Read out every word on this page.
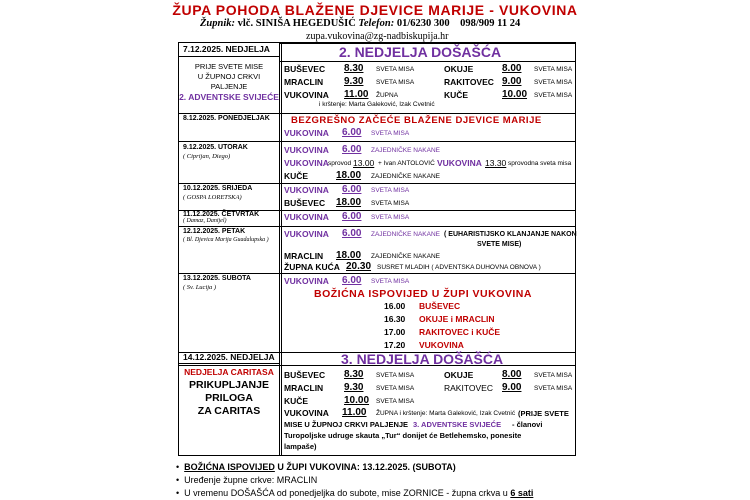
ŽUPA POHODA BLAŽENE DJEVICE MARIJE - VUKOVINA
Župnik: vlč. SINIŠA HEGEDUŠIĆ Telefon: 01/6230 300 098/909 11 24
zupa.vukovina@zg-nadbiskupija.hr
7.12.2025. NEDJELJA	2. NEDJELJA DOŠAŠĆA
PRIJE SVETE MISE
U ŽUPNOJ CRKVI
PALJENJE
2. ADVENTSKE SVIJEĆE
BUŠEVEC 8.30 SVETA MISA	OKUJE	8.00 SVETA MISA
MRACLIN 9.30 SVETA MISA	RAKITOVEC 9.00 SVETA MISA
VUKOVINA 11.00 ŽUPNA	KUČE	10.00 SVETA MISA
i krštenje: Marta Galeković, Izak Cvetnić
8.12.2025. PONEDJELJAK BEZGREŠNO ZAČEĆE BLAŽENE DJEVICE MARIJE
VUKOVINA 6.00 SVETA MISA
9.12.2025. UTORAK
( Ciprijan, Diego)
VUKOVINA 6.00 ZAJEDNIČKE NAKANE
VUKOVINA sprovod 13.00 + Ivan ANTOLOVIĆ VUKOVINA 13.30 sprovodna sveta misa
KUČE	18.00 ZAJEDNIČKE NAKANE
10.12.2025. SRIJEDA
( GOSPA LORETSKA)
VUKOVINA 6.00 SVETA MISA
BUŠEVEC 18.00 SVETA MISA
11.12.2025. ČETVRTAK
( Damaz, Danijel)	VUKOVINA 6.00 SVETA MISA
12.12.2025. PETAK
( Bl. Djevica Marija Guadalupska )
VUKOVINA 6.00 ZAJEDNIČKE NAKANE ( EUHARISTIJSKO KLANJANJE NAKON
SVETE MISE)
MRACLIN 18.00 ZAJEDNIČKE NAKANE
ŽUPNA KUĆA 20.30 SUSRET MLADIH ( ADVENTSKA DUHOVNA OBNOVA )
13.12.2025. SUBOTA
( Sv. Lucija )
VUKOVINA 6.00 SVETA MISA
BOŽIĆNA ISPOVIJED U ŽUPI VUKOVINA
16.00 BUŠEVEC
16.30 OKUJE i MRACLIN
17.00 RAKITOVEC i KUČE
17.20 VUKOVINA
14.12.2025. NEDJELJA	3. NEDJELJA DOŠAŠĆA
NEDJELJA CARITASA
PRIKUPLJANJE
PRILOGA
ZA CARITAS
BUŠEVEC 8.30 SVETA MISA	OKUJE	8.00 SVETA MISA
MRACLIN 9.30 SVETA MISA	RAKITOVEC 9.00 SVETA MISA
KUČE	10.00 SVETA MISA
VUKOVINA 11.00 ŽUPNA i krštenje: Marta Galeković, Izak Cvetnić (PRIJE SVETE
MISE U ŽUPNOJ CRKVI PALJENJE 3. ADVENTSKE SVIJEĆE - članovi
Turopoljske udruge skauta „Tur“ donijet će Betlehemsko, ponesite
lampaše)
•  BOŽIĆNA ISPOVIJED U ŽUPI VUKOVINA: 13.12.2025. (SUBOTA)
•  Uređenje župne crkve: MRACLIN
•  U vremenu DOŠAŠĆA od ponedjeljka do subote, mise ZORNICE - župna crkva u 6 sati
